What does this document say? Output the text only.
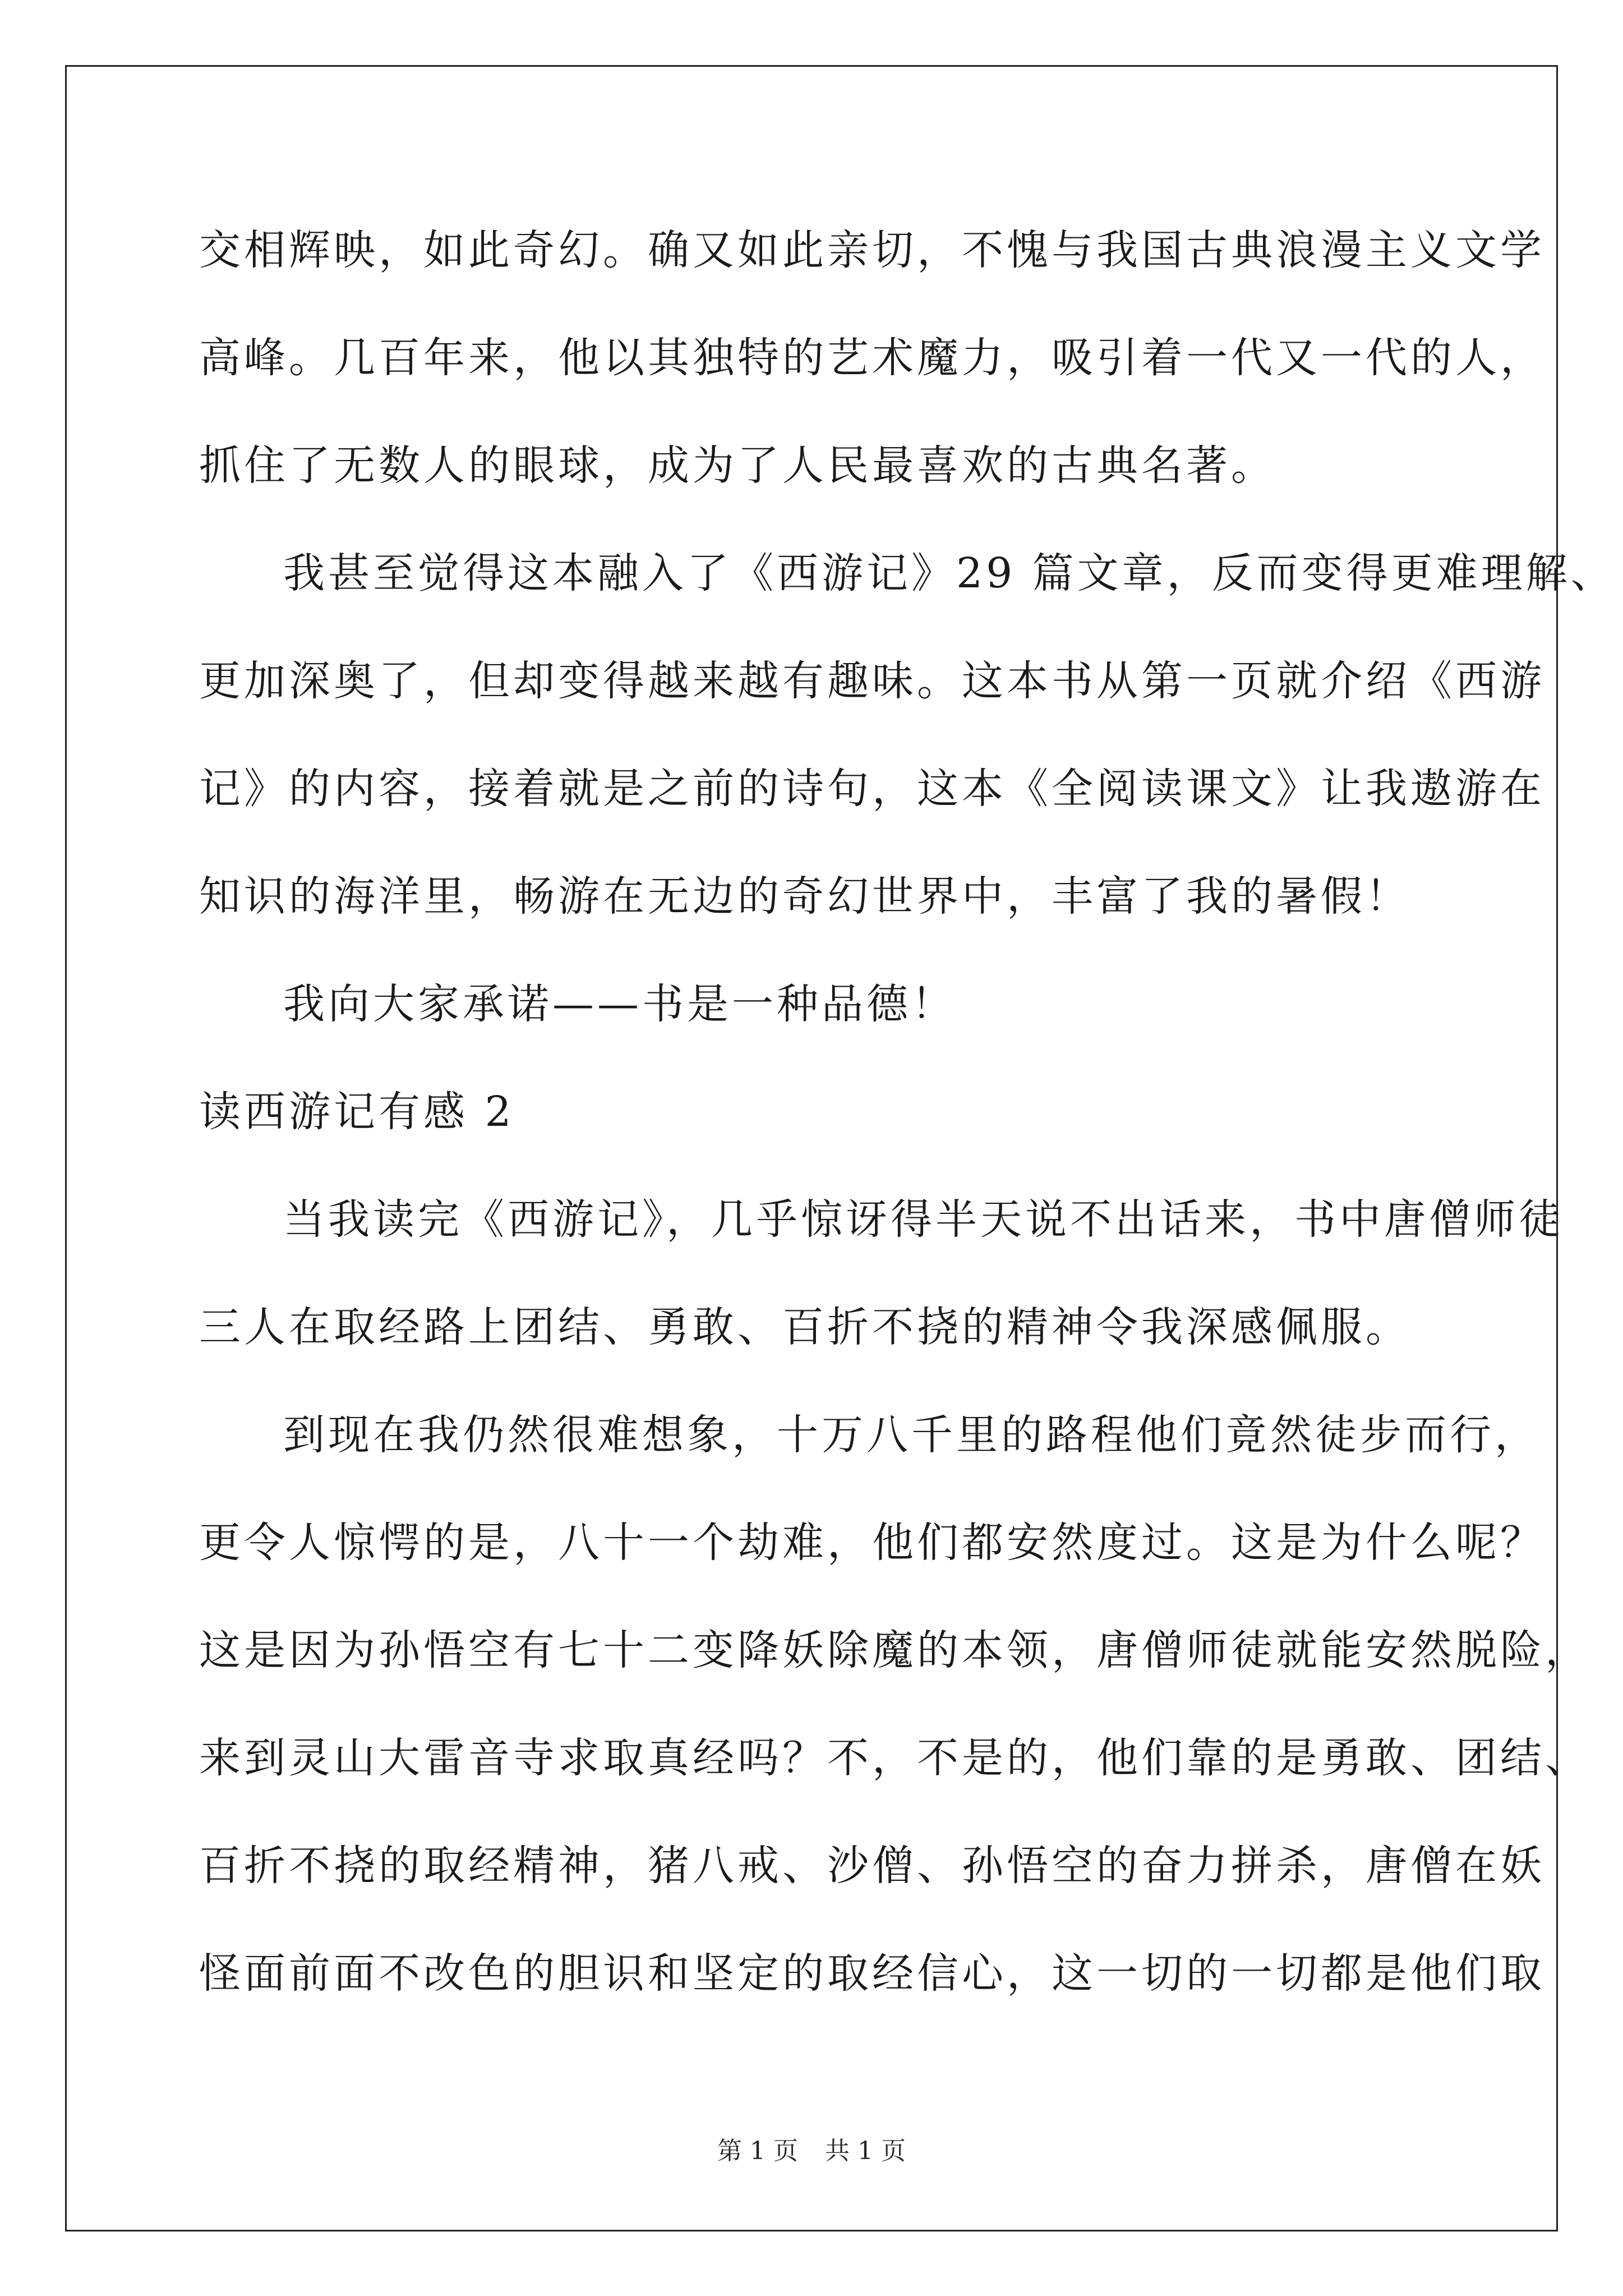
交相辉映，如此奇幻。确又如此亲切，不愧与我国古典浪漫主义文学

高峰。几百年来，他以其独特的艺术魔力，吸引着一代又一代的人，

抓住了无数人的眼球，成为了人民最喜欢的古典名著。

我甚至觉得这本融入了《西游记》29 篇文章，反而变得更难理解、

更加深奥了，但却变得越来越有趣味。这本书从第一页就介绍《西游

记》的内容，接着就是之前的诗句，这本《全阅读课文》让我遨游在

知识的海洋里，畅游在无边的奇幻世界中，丰富了我的暑假！

我向大家承诺——书是一种品德！

读西游记有感 2

当我读完《西游记》，几乎惊讶得半天说不出话来，书中唐僧师徒

三人在取经路上团结、勇敢、百折不挠的精神令我深感佩服。

到现在我仍然很难想象，十万八千里的路程他们竟然徒步而行，

更令人惊愕的是，八十一个劫难，他们都安然度过。这是为什么呢？

这是因为孙悟空有七十二变降妖除魔的本领，唐僧师徒就能安然脱险，

来到灵山大雷音寺求取真经吗？不，不是的，他们靠的是勇敢、团结、

百折不挠的取经精神，猪八戒、沙僧、孙悟空的奋力拼杀，唐僧在妖

怪面前面不改色的胆识和坚定的取经信心，这一切的一切都是他们取

第 1 页 共 1 页
